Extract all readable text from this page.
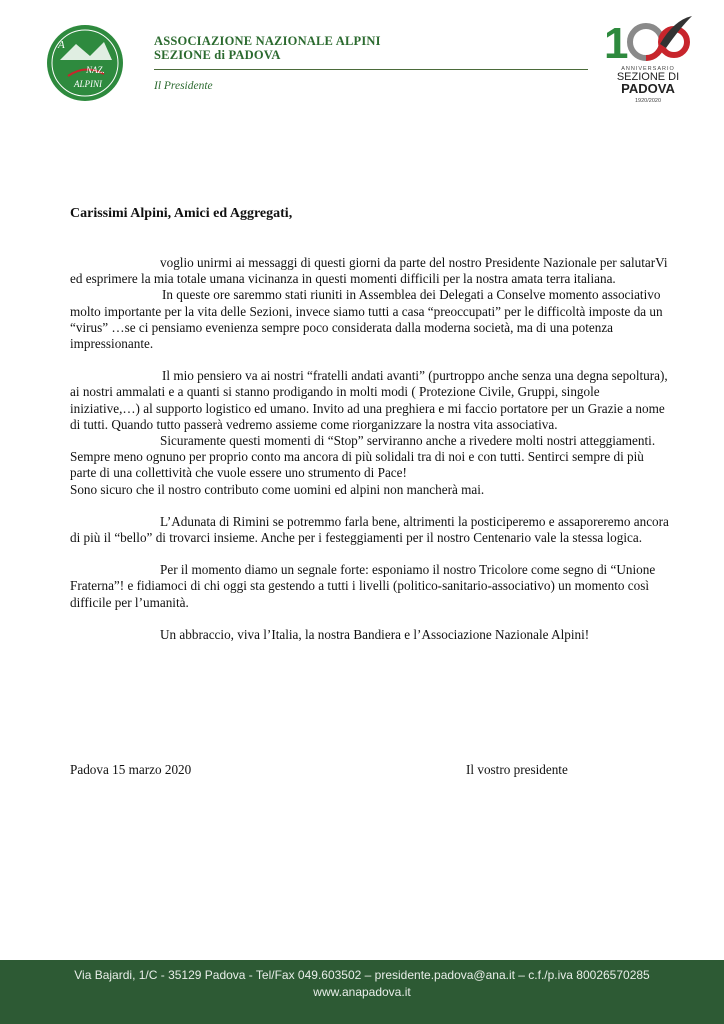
A
NAZ.
ALPINI
ASSOCIAZIONE NAZIONALE ALPINI
SEZIONE di PADOVA
Il Presidente
1
ANNIVERSARIO
SEZIONE DI
PADOVA
1920/2020
Carissimi Alpini, Amici ed Aggregati,

voglio unirmi ai messaggi di questi giorni da parte del nostro Presidente Nazionale per salutarVi ed esprimere la mia totale umana vicinanza in questi momenti difficili per la nostra amata terra italiana.

In queste ore saremmo stati riuniti in Assemblea dei Delegati a Conselve momento associativo molto importante per la vita delle Sezioni, invece siamo tutti a casa “preoccupati” per le difficoltà imposte da un “virus” …se ci pensiamo evenienza sempre poco considerata dalla moderna società, ma di una potenza impressionante.

Il mio pensiero va ai nostri “fratelli andati avanti” (purtroppo anche senza una degna sepoltura), ai nostri ammalati e a quanti si stanno prodigando in molti modi ( Protezione Civile, Gruppi, singole iniziative,…) al supporto logistico ed umano. Invito ad una preghiera e mi faccio portatore per un Grazie a nome di tutti. Quando tutto passerà vedremo assieme come riorganizzare la nostra vita associativa.

Sicuramente questi momenti di “Stop” serviranno anche a rivedere molti nostri atteggiamenti. Sempre meno ognuno per proprio conto ma ancora di più solidali tra di noi e con tutti. Sentirci sempre di più parte di una collettività che vuole essere uno strumento di Pace!

Sono sicuro che il nostro contributo come uomini ed alpini non mancherà mai.

L’Adunata di Rimini se potremmo farla bene, altrimenti la posticiperemo e assaporeremo ancora di più il “bello” di trovarci insieme. Anche per i festeggiamenti per il nostro Centenario vale la stessa logica.

Per il momento diamo un segnale forte: esponiamo il nostro Tricolore come segno di “Unione Fraterna”! e fidiamoci di chi oggi sta gestendo a tutti i livelli (politico-sanitario-associativo) un momento così difficile per l’umanità.

Un abbraccio, viva l’Italia, la nostra Bandiera e l’Associazione Nazionale Alpini!

Padova 15 marzo 2020	Il vostro presidente
Via Bajardi, 1/C - 35129 Padova - Tel/Fax 049.603502 – presidente.padova@ana.it – c.f./p.iva 80026570285
www.anapadova.it
